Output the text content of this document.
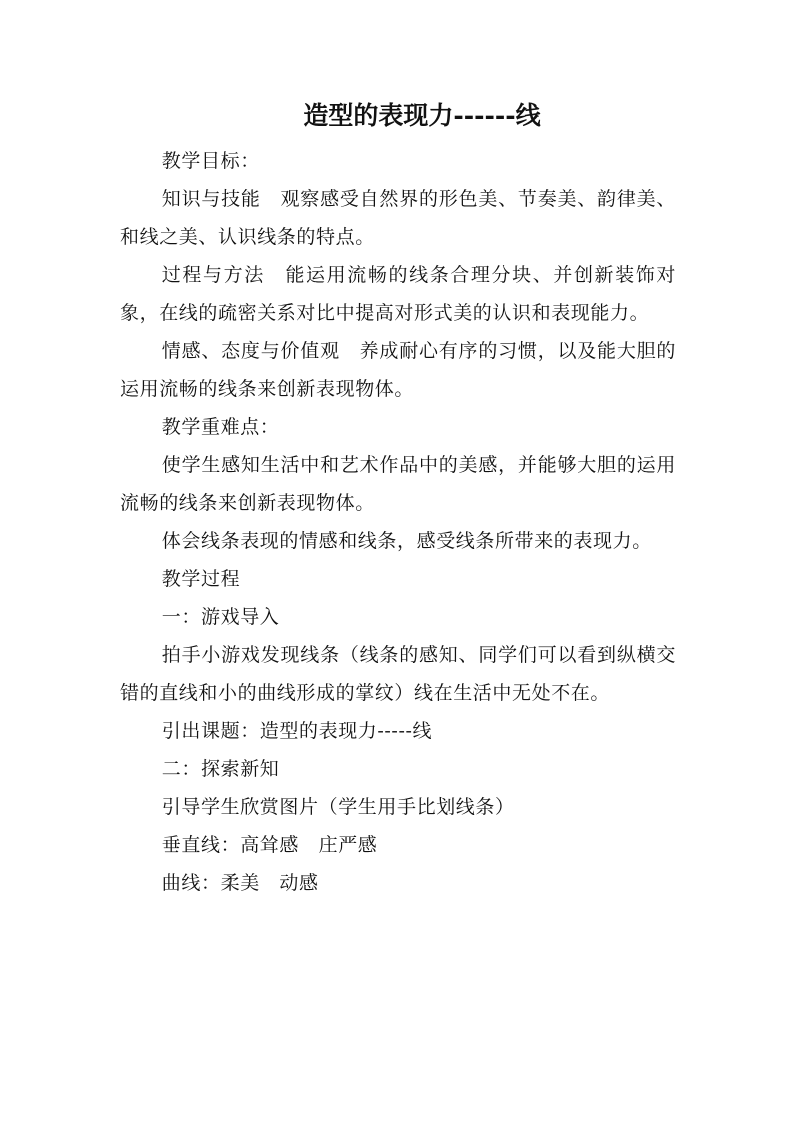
造型的表现力------线

教学目标：

知识与技能　观察感受自然界的形色美、节奏美、韵律美、和线之美、认识线条的特点。

过程与方法　能运用流畅的线条合理分块、并创新装饰对象，在线的疏密关系对比中提高对形式美的认识和表现能力。

情感、态度与价值观　养成耐心有序的习惯，以及能大胆的运用流畅的线条来创新表现物体。

教学重难点：

使学生感知生活中和艺术作品中的美感，并能够大胆的运用流畅的线条来创新表现物体。

体会线条表现的情感和线条，感受线条所带来的表现力。

教学过程

一：游戏导入

拍手小游戏发现线条（线条的感知、同学们可以看到纵横交错的直线和小的曲线形成的掌纹）线在生活中无处不在。

引出课题：造型的表现力-----线

二：探索新知

引导学生欣赏图片（学生用手比划线条）

垂直线：高耸感　庄严感

曲线：柔美　动感
